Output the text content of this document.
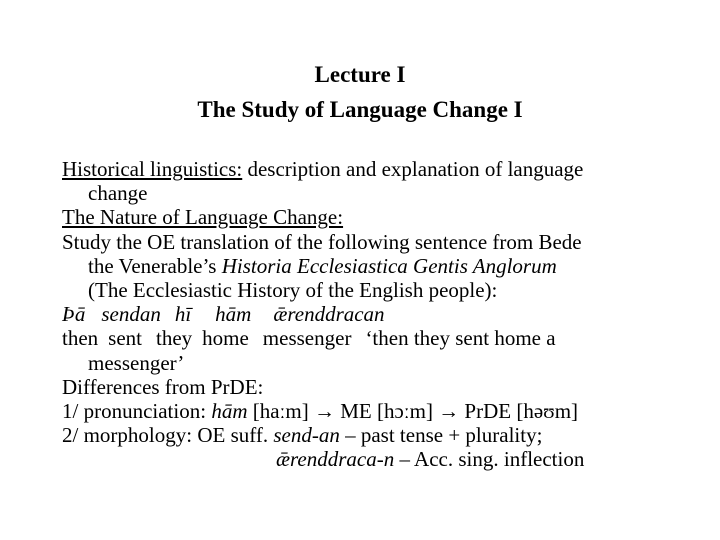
Lecture I
The Study of Language Change I
Historical linguistics: description and explanation of language
change
The Nature of Language Change:
Study the OE translation of the following sentence from Bede
the Venerable’s Historia Ecclesiastica Gentis Anglorum
(The Ecclesiastic History of the English people):
Þā sendan hī hām ǣrenddracan
then sent they home messenger ‘then they sent home a
messenger’
Differences from PrDE:
1/ pronunciation: hām [haːm] → ME [hɔːm] → PrDE [həʊm]
2/ morphology: OE suff. send-an – past tense + plurality;
ǣrenddraca-n – Acc. sing. inflection
